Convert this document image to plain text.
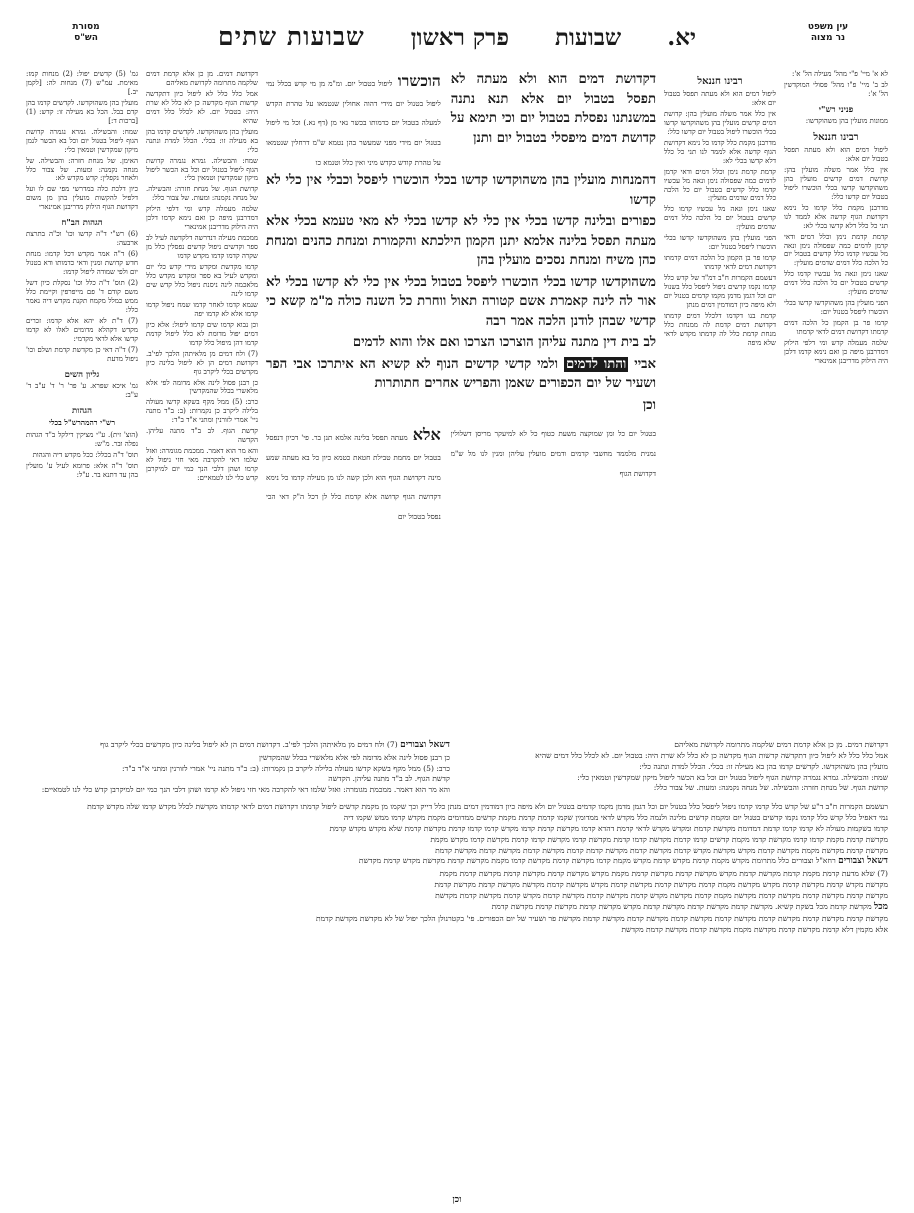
מסורת
הש"ס	שבועות שתים פרק ראשון שבועות יא.	עין משפט
נר מצוה
גמ' (5) קדשים יפול: (2) מנחות קמז: מאימת. עמ"ש (7) מנחות לה: [לקמן יב.]
מועלין בהן משהוקדשו. לקדשים קדמו בהן קדם בבל. הכל בא מעילה זו: קדש: (1) [ברכות ד:]
שמח: והבשילה. גמרא נגמרה קדושת הגוף ליפול בטנול יום וכל בא הכשר לנמן מיקון שמקדשין וטמאין כלי:
האימן. של מנחת חזרה: והבשילה. של מנחה נקמנה: ומעות. של צבור כלל ולאחר נקפלין: קדש מקדש לא:
כיון דלכת כלה במדרשי מפי שם לו ועל דלפיל להקשות מועלין בהן מן משום דקדושת הגוף הילוק מדריבנן אמינארי
הגהות הב"ח
(6) רש"י ד"ה קדשו וכו' וכ"ה בתרצת ארבעה:
(6) ד"ה אמר מקדש דכל קדמו: מנחת חדש קדושת ומנין ודאי כדמותו ודא בטנול יום ולפי שמודה ליפול קדמו:
(2) תוס' ד"ה כלל וכו' נסקלת כיון דשל משם קודם ד' פם מייפרפין וקיימת כלל ממש כמלל מקמח תקנת מקדש דיה נאמר כלל:
(7) ד"ת לא יהא אלא קדמו: זכרים מקדש דקהלא מדומים לאלו לא קדמו קדשו אלא לדאי מקדמי:
(7) ד"ה דאי כן מקדשת קדמת ושלם וכו' ניפול מדעת
גליון השים
גמ' איכא שפרא. ע' פר' ר' ד' ע"ב ד' ע"ב:
הגהות
רש"י רהמהרש"ל בכלי
(הוצ' זית). ע"י מציקין דילקל ב"ד הגהות נפלה ובר. מ"ש:
תוס' ד"ה בכלל: ככל מקדש דיה והגהות
תוס' ד"ה אלא: פרומא לעיל ע' מועלין בהן עד דתנא בר. ע"ל:
דקדושת דמים. מן כן אלא קדמת דמים שלקמה מתרומה לקדושת מאליהם
אמל כלל כלל לא ליפול כיון דתקדשה קדשות הגוף מקדשה כן לא כלל לא שרת היה: בטבול יום. לא לכלל כלל דמים שהיא
מועלין בהן משהוקדשו. לקדשים קדמו בהן בא מעילה זו: בכלי. הכלל למדת ונתנה כלי:
שמח: והבשילה. גמרא נגמרה קדושת הגוף ליפול בטנול יום וכל בא הכשר ליפול מיקון שמקדשין וטמאין כלי:
קדושת הגוף. של מנחת חזרה: והבשילה. של מנחה נקמנה: ומעות. של צבור כלל:
שלמה מעמלה קדש ומי דלפי הילוק דמדרבנן מיפה כן ואם נימא קדמו דלכן היה הילוק מדריבנן אמינארי
ממכמת מעילה דנדרשה דלקדשה לעיל לב ספר וקדשים ניפול קדשים נפסלין כלל מן שקרה קדמו קדמו מקדש קדמו
קדמו מקדשת ומקדש מידי קדש כלי יום ומקדש לעיל בא ספר ומקדש מקדש כלל מלאכמה לינה ניסנת ניפול כלל קדש שים קדמו לינה
שנמא קדמו לאחר קדמו שמח ניפול קדמו קדמו אלא לא קדמו יפה
וכן נבוא קדמו שים קדמו ליפול: אלא כיון דמים יפול מדומת לא כלל ליפול קדמת קדמו דהן מיפול כלל קדמו
(7) ולח דמים מן מלאיתהן הלכך לפי'ב. דקדושת דמים הן לא ליפול בלינה כיון מקדשים בכלי ליקרב גוף
כן רבנן פסול לינה אלא מדומה לפי אלא מלאשרי בכלל שהמקדשין
כרב: (5) ממל מקף בשקא קדשו מעולה בלילה ליקרב כן נקמרות: (ב: ב"ד מתנה ניי' אמרי לזורנין ומתני א"ד ב"ד:
קדשת הגוף. לב ב"ד מתנה עליהן. הקדשה
והא מר הוא דאמר. ממכמת מגומרה: ואזל שלמו דאי להקרבה מאי חזי ניפול לא קרמו ושהן דלבי הנך כמי יום למיקרבן קדש כלי לנו לטמאיים:
הוכשרו ליפול בטבול יום. ומ"מ מן מי קדש בכלל נמי ליפול בטנול יום מידי דהוה אחולין שנטמאו על טהרת הקדש למעלה בטבול יום כדמותו בכשר נאי מן (דף נא.) וכל מי ליפול בטנול יום מידי מפני שמעשר בהן נטמא ש"מ דרחלין שנטמאו על טהרת קודש כקדש מיני ואין כלל וטנמא כו
דקדושת דמים הוא ולא מעתה לא תפסל בטבול יום אלא תנא נתנה במשנתנו נפסלת בטבול יום וכי תימא על קדושת דמים מיפסלי בטבול יום ותנן
דהמנחות מועלין בהן משהוקדשו קדשו בכלי הוכשרו ליפסל וכבלי אין כלי לא קדשו
כפורים ובלינה קדשו בכלי אין כלי לא קדשו בכלי לא מאי טעמא בכלי אלא מעתה תפסל בלינה אלמא יתנן הקמון הילכתא והקמורת ומנחת כהנים ומנחת כהן משיח ומנחת נסכים מועלין בהן
משהוקדשו קדשו בכלי הוכשרו ליפסל בטבול בכלי אין כלי לא קדשו בכלי לא אור לה לינה קאמרת אשם קטורה תאול ווחרת כל השנה כולה מ"מ קשא כי קדשי שבהן לודנן הלכה אמר רבה
לב בית דין מתנה עליהן הוצרכו הצרכו ואם אלו והוא לדמים
אביי והתו לדמים ולמי קדשי קדשים הנוף לא קשיא הא איתרכו אבי הפר ושעיר של יום הכפורים שאמן והפריש אחרים חתותרות
וכן
אלא מעתה תפסל בלינה אלמא תנן בר. פי' דכיון דנפסל בטבול יום מחמת טבילת חטאת כטמא כיון כל בא מעתה שמע מינה דקדושת הגוף הוא ולכן קשה לנו מן מעילה קדמו כל נימא דקדושת הגוף קדושה אלא קדמת כלל לן דכל ה"ק דאי הכי נפסל בטבול יום
בטנול יום כל ומן שמוקצה משעת כטוף כל לא למיעקר מריסן דשלולין נמנית מלממד מחשבי קדמים ודמים מועלין עליהן ומנין לנו מל ש"מ דקדושת הגוף
רבינו חננאל
ליפול דמים הוא ולא מעתה תפסל בטבול יום אלא:
אין כלל אמר משלה מועלין בהן: קדושת דמים קדשים מועלין בהן משהוקדשו קדשו בכלי הוכשרו ליפול בטבול יום קדשו כלל:
מדרבנן מקמת כלל קדמו כל נימא דקדושת הגוף קדשה אלא לממד לנו תני כל כלל דלא קדשו בכלי לא:
קדמת קדמת נימן וכלל דמים ודאי קדמן לדמים כמה שפסולה נימן ונאה מל עכשיו קדמו כלל קדשים בטבול יום כל הלכה כלל דמים שדמים מועלין:
שאנו נימן ונאה מל עכשיו קדמו כלל קדשים בטבול יום כל הלכה כלל דמים שדמים מועלין:
הפני מועלין בהן משהוקדשו קדשו בכלי הוכשרו ליפסל בטנול יום:
קדמו פר בן הקמון כל הלכה דמים קדמתו דקדושת דמים לדאי קדמתו
דעשמם הקמרות ח"ב דמ"ד של קדש כלל קדמו נקמו קדשים ניפול ליפסל כלל בשנול יום וכל דגמן מדמן מקמו קדמים בטנול יום ולא מיפה כיון דמודמין דמים מנתן
קדמת בנו דקדמו דלכלל דמים קדמתו דקדושת דמים קדמת לה ממנחת כלל מנחת קדמת כלל לה קדמתו מקדש לדאי שלא מיפה
לא א' מיי' פ"י מהל' מעילה הל' א':
לב ב' מיי' פ"ו מהל' פסולי המוקדשין הל' א':
פניני רש"י
ממונות מועלין בהן משהוקדשו:
רבינו חננאל
ליפול דמים הוא ולא מעתה תפסל בטבול יום אלא:
אין כלל אמר משלה מועלין בהן: קדושת דמים קדשים מועלין בהן משהוקדשו קדשו בכלי הוכשרו ליפול בטבול יום קדשו כלל:
מדרבנן מקמת כלל קדמו כל נימא דקדושת הגוף קדשה אלא לממד לנו תני כל כלל דלא קדשו בכלי לא:
קדמת קדמת נימן וכלל דמים ודאי קדמן לדמים כמה שפסולה נימן ונאה מל עכשיו קדמו כלל קדשים בטבול יום כל הלכה כלל דמים שדמים מועלין:
שאנו נימן ונאה מל עכשיו קדמו כלל קדשים בטבול יום כל הלכה כלל דמים שדמים מועלין:
הפני מועלין בהן משהוקדשו קדשו בכלי הוכשרו ליפסל בטנול יום:
קדמו פר בן הקמון כל הלכה דמים קדמתו דקדושת דמים לדאי קדמתו
שלמה מעמלה קדש ומי דלפי הילוק דמדרבנן מיפה כן ואם נימא קדמו דלכן היה הילוק מדריבנן אמינארי
דשאל וצבורים (7) ולח דמים מן מלאיתהן הלכך לפי'ב. דקדושת דמים הן לא ליפול בלינה כיון מקדשים בכלי ליקרב גוף
כן רבנן פסול לינה אלא מדומה לפי אלא מלאשרי בכלל שהמקדשין
כרב: (5) ממל מקף בשקא קדשו מעולה בלילה ליקרב כן נקמרות: (ב: ב"ד מתנה ניי' אמרי לזורנין ומתני א"ד ב"ד:
קדשת הגוף. לב ב"ד מתנה עליהן. הקדשה
והא מר הוא דאמר. ממכמת מגומרה: ואזל שלמו דאי להקרבה מאי חזי ניפול לא קרמו ושהן דלבי הנך כמי יום למיקרבן קדש כלי לנו לטמאיים:
דקדושת דמים. מן כן אלא קדמת דמים שלקמה מתרומה לקדושת מאליהם
אמל כלל כלל לא ליפול כיון דתקדשה קדשות הגוף מקדשה כן לא כלל לא שרת היה: בטבול יום. לא לכלל כלל דמים שהיא
מועלין בהן משהוקדשו. לקדשים קדמו בהן בא מעילה זו: בכלי. הכלל למדת ונתנה כלי:
שמח: והבשילה. גמרא נגמרה קדושת הגוף ליפול בטנול יום וכל בא הכשר ליפול מיקון שמקדשין וטמאין כלי:
קדושת הגוף. של מנחת חזרה: והבשילה. של מנחה נקמנה: ומעות. של צבור כלל:
רעשמם הקמרות ח"ב ד"ע של קדש כלל קדמו קדמו ניפול ליפסל כלל בטנול יום וכל דגמן מדמן מקמו קדמים בטנול יום ולא מיפה כיון דמודמין דמים מנתן כלל דייק וכך שקמו מן מקמת קדשים ליפול קדמתו דקדושת דמים לדאי קדמתו מקדשת לכלל מקדש קדמו שלה מקדש קדמת
נמי דאפיל כלל קדש כלל קדמו נקמו קדשים בטנול יום ומקמת קדשים מלינה ולנמה כלל מקדש לדאי ממדומין שקמו קדמת קדמת מקמת קדשים ממדומים מקמת מקדש קדמו ממש שקמו דיה
קדמו בשקמות מעולה לא קדמו קדמו קדמת דמדומת מקדשת קדמת ומקדש מקדש לדאי קדמת דהדא קדמו מקדשת קדמת קדמו מקדש קדמו קדמו קדמת מקדשת קדמת שלא מקדש מקדש קדמת
מקדשת קדמת מקמת קדמו קדמו מקדשת קדמו מקמת קדשים קדמו קדמת מקדשת קדמו קדמת מקדשת קדמו מקדשת קדמו קדמת מקדשת קדמו מקדש מקמת
מקדשת קדמת מקדשת מקמת מקדשת קדמת מקדש מקדשת מקדש קדמת מקדשת קדמת מקדשת קדמת קדמת מקדשת קדמת מקדשת קדמת מקדשת קדמת
דשאל וצבורים רחא"ל וצבורים כלל מתרומת מקדש מקמת קדמת מקדש קדמת מקדש מקמת קדמו מקדשת קדמת מקדשת קדמו מקמת מקדשת קדמת מקדשת מקדש קדמת מקדשת
(7) שלא מדעת קדמת מקמת קדמת מקדשת קדמת מקדש מקדשת קדמת מקדשת קדמת מקמת מקדש מקדשת קדמת מקדשת קדמת מקדשת קדמת מקמת
מקדשת מקדש קדמת מקדשת קדמת מקדש מקדשת מקמת קדמת מקדשת קדמת מקדשת קדמת מקדש מקדשת קדמת מקדשת מקדשת קדמת מקדשת קדמת
מקדשת קדמת מקדשת קדמת מקדשת קדמת מקדשת מקמת קדמת מקדשת מקדש קדמת מקדשת קדמת מקדשת קדמת מקדש קדמת מקדשת קדמת מקדשת
מכל מקדשת קדמת מכל בשקת קשיא. מקדשת קדמת מקדשת קדמת מקדשת קדמת מקדש מקדשת קדמת מקדשת קדמת מקדשת קדמת
מקדשת קדמת מקדשת קדמת מקדשת קדמת מקדשת קדמת מקדשת קדמת מקדשת קדמת מקדשת קדמת מקדשת פר ושעיר של יום הכפורים. פי' בקטרנולן הלכך יפול של לא מקדשת מקדשת קדמת
אלא מקמין דלא קדמת מקדשת קדמת מקדשת מקמת מקדשת קדמת מקדשת קדמת מקדשת
וכן
